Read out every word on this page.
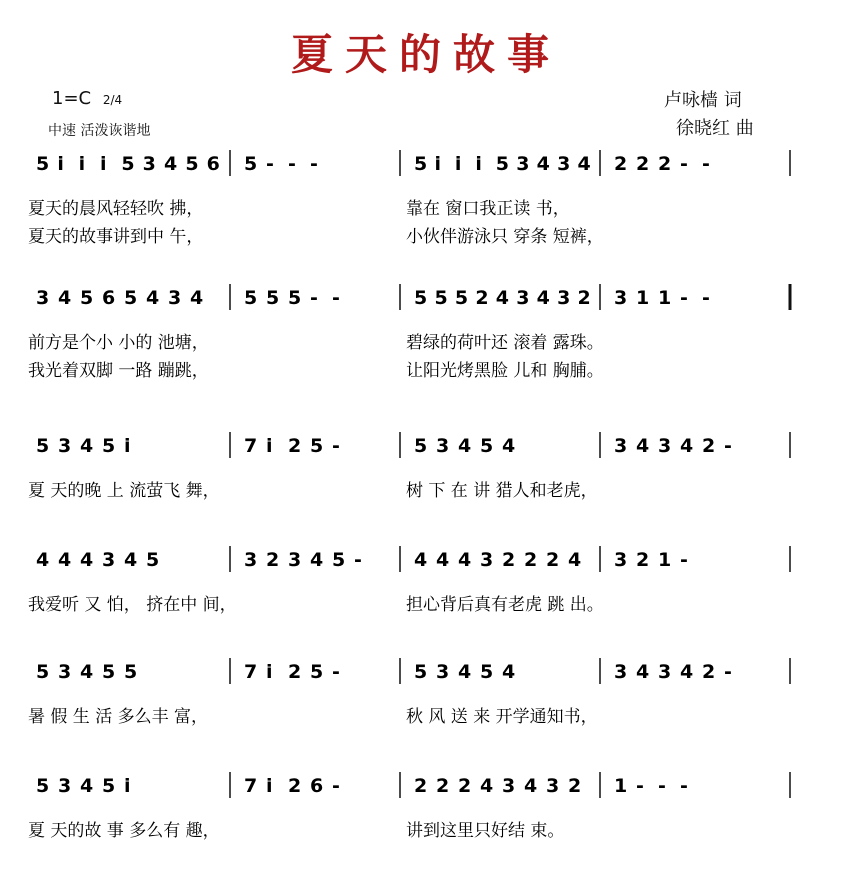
夏天的故事
1=C 2/4
中速 活泼诙谐地
卢咏樯 词
徐晓红 曲
5 i i i 5 3 4 5 6 5 - - -	5 i i i 5 3 4 3 4 2 2 2 - -
夏天的晨风轻轻吹 拂，	靠在 窗口我正读 书，
夏天的故事讲到中 午，	小伙伴游泳只 穿条 短裤，
3 4 5 6 5 4 3 4 5 5 5 - -	5 5 5 2 4 3 4 3 2 3 1 1 - -
前方是个小 小的 池塘，	碧绿的荷叶还 滚着 露珠。
我光着双脚 一路 蹦跳，	让阳光烤黑脸 儿和 胸脯。
5 3 4 5 i	7 i 2 5 -	5 3 4 5 4	3 4 3 4 2 -
夏 天的晚 上 流萤飞 舞，	树 下 在 讲 猎人和老虎，
4 4 4 3 4 5	3 2 3 4 5 -	4 4 4 3 2 2 2 4 3 2 1 -
我爱听 又 怕， 挤在中 间，	担心背后真有老虎 跳 出。
5 3 4 5 5	7 i 2 5 -	5 3 4 5 4	3 4 3 4 2 -
暑 假 生 活 多么丰 富，	秋 风 送 来 开学通知书，
5 3 4 5 i	7 i 2 6 -	2 2 2 4 3 4 3 2 1 - - -
夏 天的故 事 多么有 趣，	讲到这里只好结 束。
